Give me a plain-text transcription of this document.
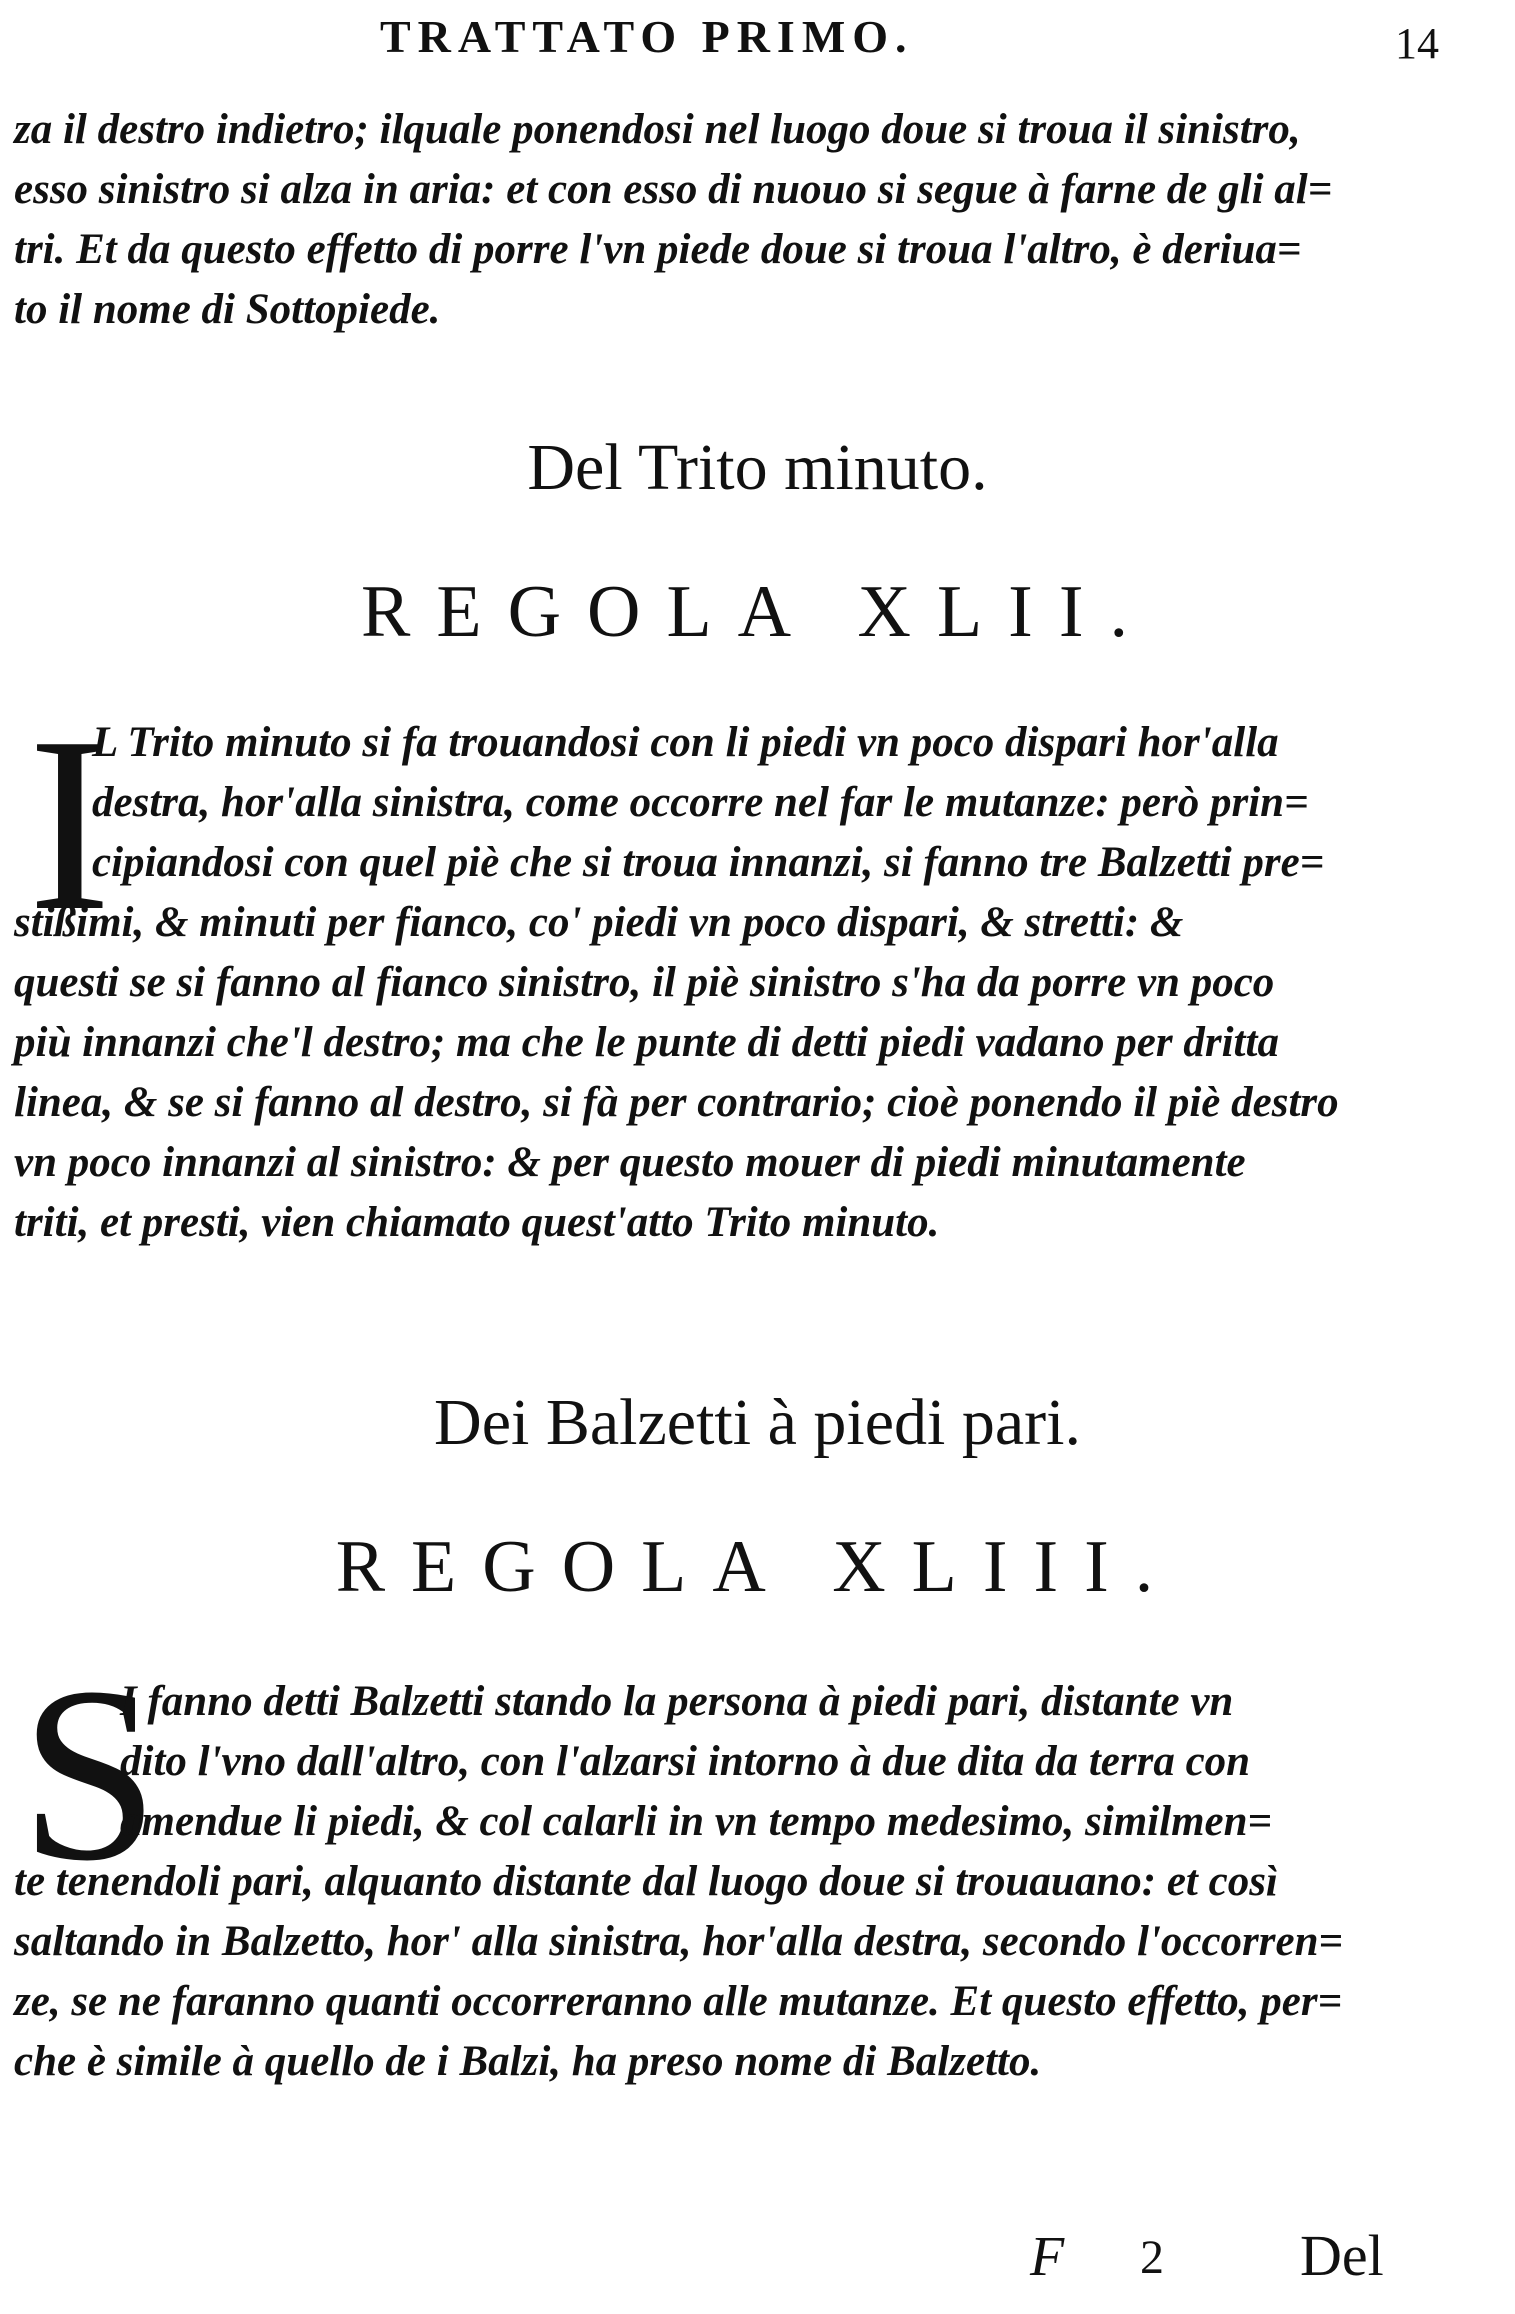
TRATTATO PRIMO.	14
za il destro indietro; ilquale ponendosi nel luogo doue si troua il sinistro,
esso sinistro si alza in aria: et con esso di nuouo si segue à farne de gli al=
tri. Et da questo effetto di porre l'vn piede doue si troua l'altro, è deriua=
to il nome di Sottopiede.
Del Trito minuto.
REGOLA XLII.
I
L Trito minuto si fa trouandosi con li piedi vn poco dispari hor'alla
destra, hor'alla sinistra, come occorre nel far le mutanze: però prin=
cipiandosi con quel piè che si troua innanzi, si fanno tre Balzetti pre=
stißimi, & minuti per fianco, co' piedi vn poco dispari, & stretti: &
questi se si fanno al fianco sinistro, il piè sinistro s'ha da porre vn poco
più innanzi che'l destro; ma che le punte di detti piedi vadano per dritta
linea, & se si fanno al destro, si fà per contrario; cioè ponendo il piè destro
vn poco innanzi al sinistro: & per questo mouer di piedi minutamente
triti, et presti, vien chiamato quest'atto Trito minuto.
Dei Balzetti à piedi pari.
REGOLA XLIII.
S
I fanno detti Balzetti stando la persona à piedi pari, distante vn
dito l'vno dall'altro, con l'alzarsi intorno à due dita da terra con
amendue li piedi, & col calarli in vn tempo medesimo, similmen=
te tenendoli pari, alquanto distante dal luogo doue si trouauano: et così
saltando in Balzetto, hor' alla sinistra, hor'alla destra, secondo l'occorren=
ze, se ne faranno quanti occorreranno alle mutanze. Et questo effetto, per=
che è simile à quello de i Balzi, ha preso nome di Balzetto.
F 2 Del
